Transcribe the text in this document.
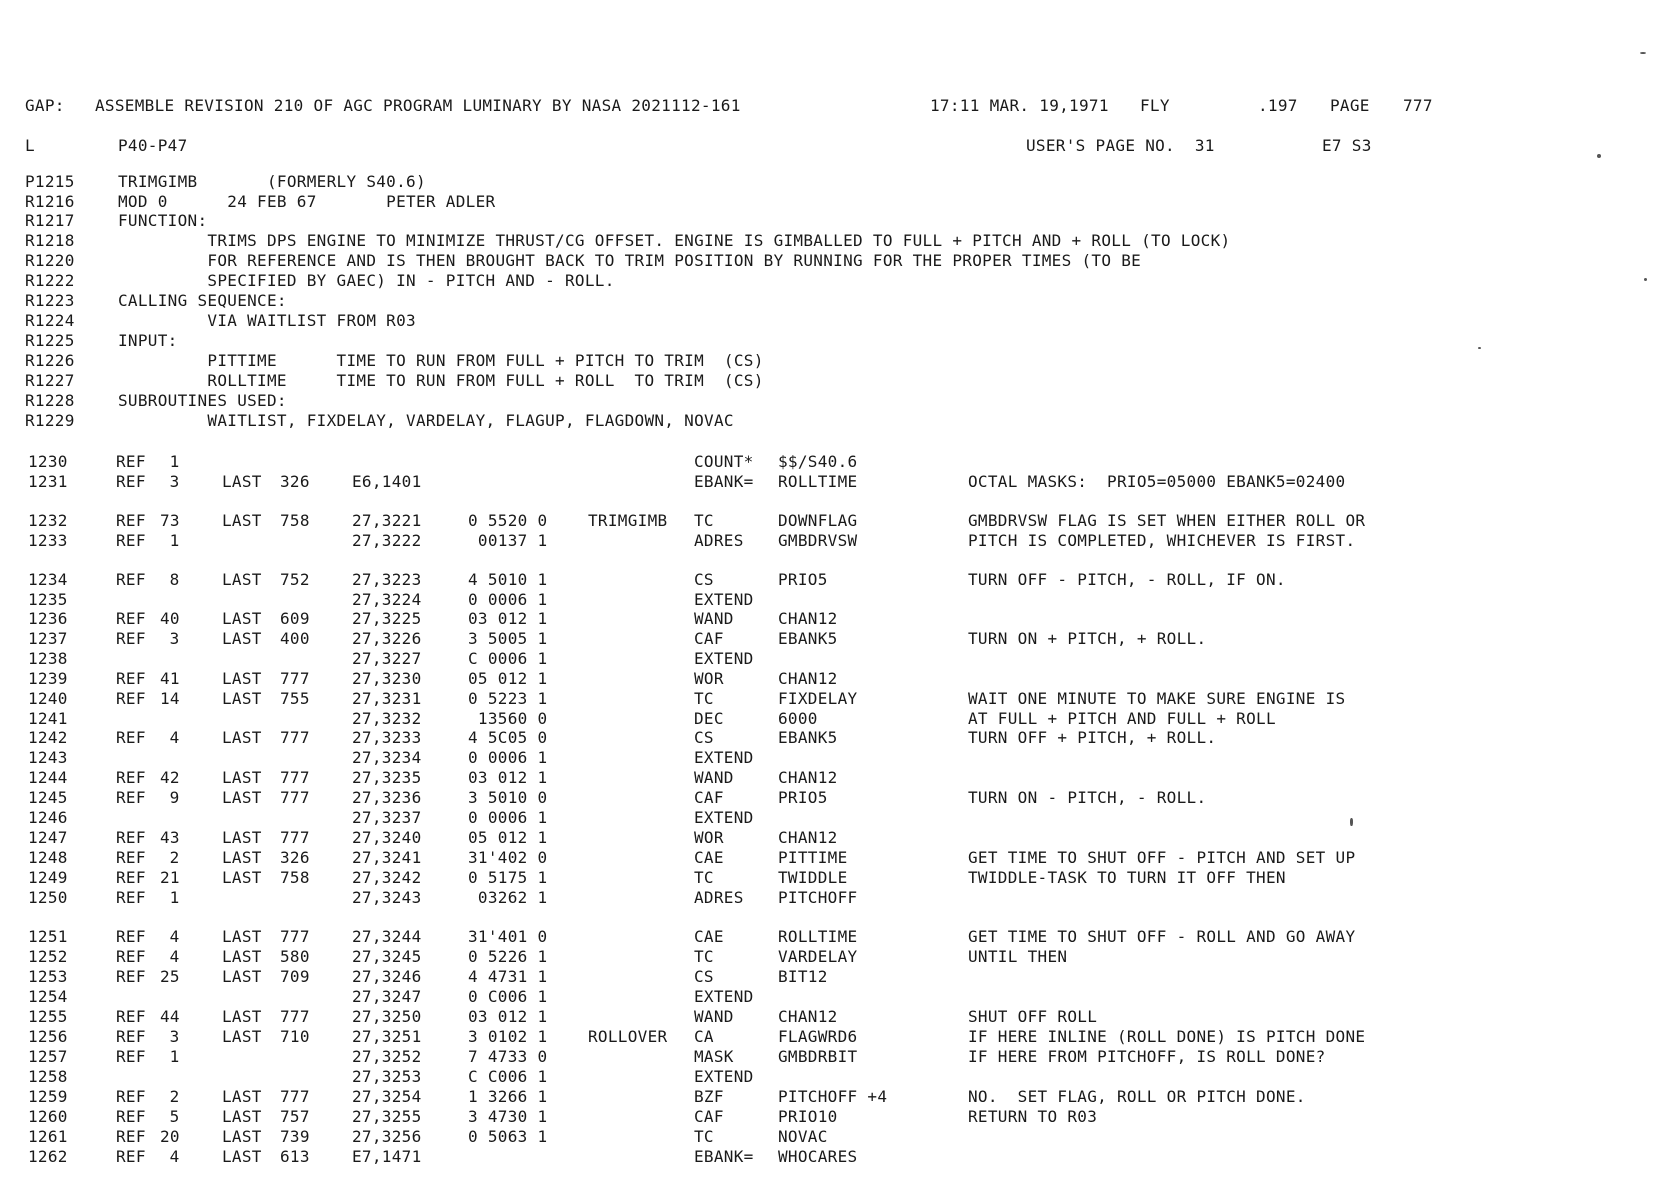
GAP:

ASSEMBLE REVISION 210 OF AGC PROGRAM LUMINARY BY NASA 2021112-161

	17:11 MAR. 19,1971

FLY

	.197

PAGE

777

L

	P40-P47

	USER'S PAGE NO.  31

	E7 S3

P1215	TRIMGIMB       (FORMERLY S40.6)
R1216	MOD 0      24 FEB 67       PETER ADLER
R1217	FUNCTION:
R1218	TRIMS DPS ENGINE TO MINIMIZE THRUST/CG OFFSET. ENGINE IS GIMBALLED TO FULL + PITCH AND + ROLL (TO LOCK)
R1220	FOR REFERENCE AND IS THEN BROUGHT BACK TO TRIM POSITION BY RUNNING FOR THE PROPER TIMES (TO BE
R1222	SPECIFIED BY GAEC) IN - PITCH AND - ROLL.
R1223	CALLING SEQUENCE:
R1224	VIA WAITLIST FROM R03
R1225	INPUT:
R1226	PITTIME      TIME TO RUN FROM FULL + PITCH TO TRIM  (CS)
R1227	ROLLTIME     TIME TO RUN FROM FULL + ROLL  TO TRIM  (CS)
R1228	SUBROUTINES USED:
R1229	WAITLIST, FIXDELAY, VARDELAY, FLAGUP, FLAGDOWN, NOVAC
1230	REF 1	COUNT* $$/S40.6
1231	REF 3	LAST 326	E6,1401	EBANK= ROLLTIME	OCTAL MASKS:  PRIO5=05000 EBANK5=02400
1232	REF 73	LAST 758	27,3221	0 5520 0	TRIMGIMB TC	DOWNFLAG	GMBDRVSW FLAG IS SET WHEN EITHER ROLL OR
1233	REF 1	27,3222	00137 1	ADRES GMBDRVSW	PITCH IS COMPLETED, WHICHEVER IS FIRST.
1234	REF 8	LAST 752	27,3223	4 5010 1	CS	PRIO5	TURN OFF - PITCH, - ROLL, IF ON.
1235	27,3224	0 0006 1	EXTEND
1236	REF 40	LAST 609	27,3225	03 012 1	WAND	CHAN12
1237	REF 3	LAST 400	27,3226	3 5005 1	CAF	EBANK5	TURN ON + PITCH, + ROLL.
1238	27,3227	C 0006 1	EXTEND
1239	REF 41	LAST 777	27,3230	05 012 1	WOR	CHAN12
1240	REF 14	LAST 755	27,3231	0 5223 1	TC	FIXDELAY	WAIT ONE MINUTE TO MAKE SURE ENGINE IS
1241	27,3232	13560 0	DEC	6000	AT FULL + PITCH AND FULL + ROLL
1242	REF 4	LAST 777	27,3233	4 5C05 0	CS	EBANK5	TURN OFF + PITCH, + ROLL.
1243	27,3234	0 0006 1	EXTEND
1244	REF 42	LAST 777	27,3235	03 012 1	WAND	CHAN12
1245	REF 9	LAST 777	27,3236	3 5010 0	CAF	PRIO5	TURN ON - PITCH, - ROLL.
1246	27,3237	0 0006 1	EXTEND
1247	REF 43	LAST 777	27,3240	05 012 1	WOR	CHAN12
1248	REF 2	LAST 326	27,3241	31'402 0	CAE	PITTIME	GET TIME TO SHUT OFF - PITCH AND SET UP
1249	REF 21	LAST 758	27,3242	0 5175 1	TC	TWIDDLE	TWIDDLE-TASK TO TURN IT OFF THEN
1250	REF 1	27,3243	03262 1	ADRES PITCHOFF
1251	REF 4	LAST 777	27,3244	31'401 0	CAE	ROLLTIME	GET TIME TO SHUT OFF - ROLL AND GO AWAY
1252	REF 4	LAST 580	27,3245	0 5226 1	TC	VARDELAY	UNTIL THEN
1253	REF 25	LAST 709	27,3246	4 4731 1	CS	BIT12
1254	27,3247	0 C006 1	EXTEND
1255	REF 44	LAST 777	27,3250	03 012 1	WAND	CHAN12	SHUT OFF ROLL
1256	REF 3	LAST 710	27,3251	3 0102 1	ROLLOVER CA	FLAGWRD6	IF HERE INLINE (ROLL DONE) IS PITCH DONE
1257	REF 1	27,3252	7 4733 0	MASK	GMBDRBIT	IF HERE FROM PITCHOFF, IS ROLL DONE?
1258	27,3253	C C006 1	EXTEND
1259	REF 2	LAST 777	27,3254	1 3266 1	BZF	PITCHOFF +4	NO.  SET FLAG, ROLL OR PITCH DONE.
1260	REF 5	LAST 757	27,3255	3 4730 1	CAF	PRIO10	RETURN TO R03
1261	REF 20	LAST 739	27,3256	0 5063 1	TC	NOVAC
1262	REF 4	LAST 613	E7,1471	EBANK= WHOCARES
